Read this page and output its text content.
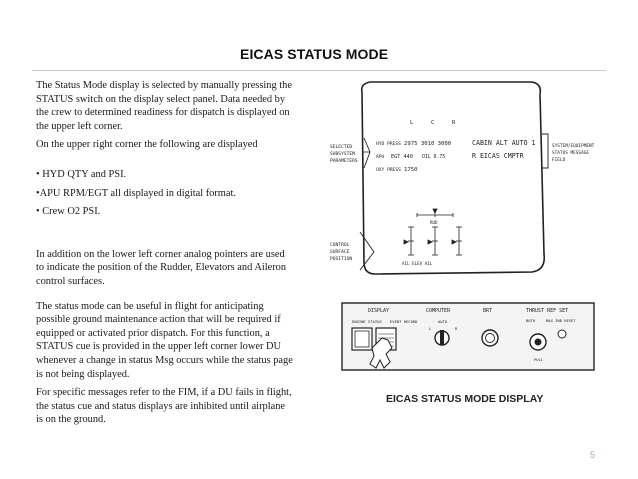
EICAS STATUS MODE

The Status Mode display is selected by manually pressing the STATUS switch on the display select panel. Data needed by the crew to determined readiness for dispatch is displayed on the upper left corner.

On the upper right corner the following are displayed

• HYD QTY and PSI.

•APU RPM/EGT all displayed in digital format.

• Crew O2 PSI.

In addition on the lower left corner analog pointers are used to indicate the position of the Rudder, Elevators and Aileron control surfaces.

The status mode can be useful in flight for anticipating possible ground maintenance action that will be required if equipped or activated prior dispatch. For this function, a STATUS cue is provided in the upper left corner lower DU whenever a change in status Msg occurs while the status page is not being displayed.

For specific messages refer to the FIM, if a DU fails in flight, the status cue and status displays are inhibited until airplane is on the ground.

L	C	R
HYD PRESS 2975 3010 3000
APU EGT 440 OIL 0.75
OXY PRESS 1750
CABIN ALT AUTO 1
R EICAS CMPTR
RUD
AIL ELEV AIL
SELECTED
SUBSYSTEM
PARAMETERS
CONTROL
SURFACE
POSITION
SYSTEM/EQUIPMENT
STATUS MESSAGE
FIELD
DISPLAY	COMPUTER	BRT	THRUST REF SET
ENGINE STATUS EVENT RECORD	AUTO
L	R
BOTH	MAX IND RESET
PULL
EICAS STATUS MODE DISPLAY
5
